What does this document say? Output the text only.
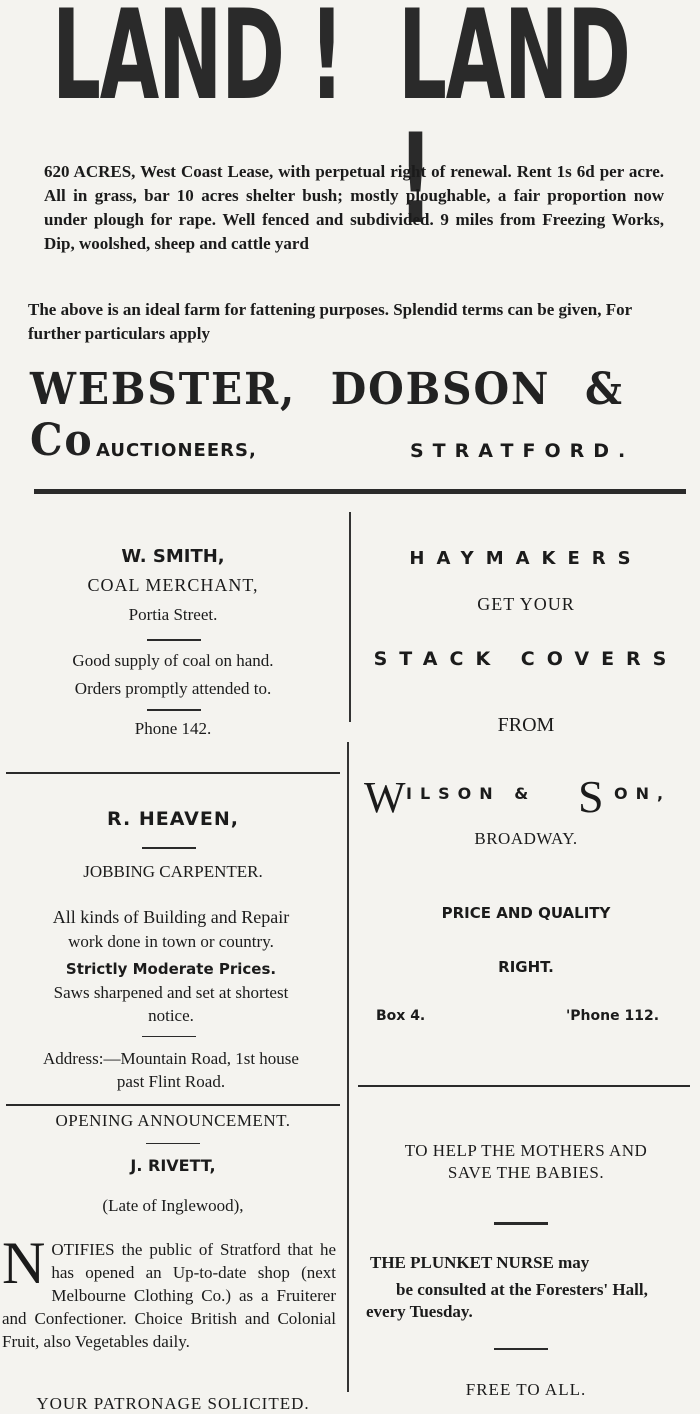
LAND ! LAND !
620 ACRES, West Coast Lease, with perpetual right of renewal. Rent 1s 6d per acre. All in grass, bar 10 acres shelter bush; mostly ploughable, a fair proportion now under plough for rape. Well fenced and subdivided. 9 miles from Freezing Works, Dip, woolshed, sheep and cattle yard
The above is an ideal farm for fattening purposes. Splendid terms can be given, For further particulars apply
WEBSTER, DOBSON & Co AUCTIONEERS,	STRATFORD.
W. SMITH,
COAL MERCHANT,
Portia Street.
Good supply of coal on hand.
Orders promptly attended to.
Phone 142.
R. HEAVEN,
JOBBING CARPENTER.
All kinds of Building and Repair
work done in town or country.
Strictly Moderate Prices.
Saws sharpened and set at shortest
notice.
Address:—Mountain Road, 1st house
past Flint Road.
OPENING ANNOUNCEMENT.
J. RIVETT,
(Late of Inglewood),
NOTIFIES the public of Stratford that he has opened an Up-to-date shop (next Melbourne Clothing Co.) as a Fruiterer and Confectioner. Choice British and Colonial Fruit, also Vegetables daily.
YOUR PATRONAGE SOLICITED.
HAYMAKERS
GET YOUR
STACK COVERS
FROM
W ILSON & S ON,
BROADWAY.
PRICE AND QUALITY
RIGHT.
Box 4.	'Phone 112.
TO HELP THE MOTHERS AND
SAVE THE BABIES.
THE PLUNKET NURSE may
be consulted at the Foresters' Hall, every Tuesday.
FREE TO ALL.
